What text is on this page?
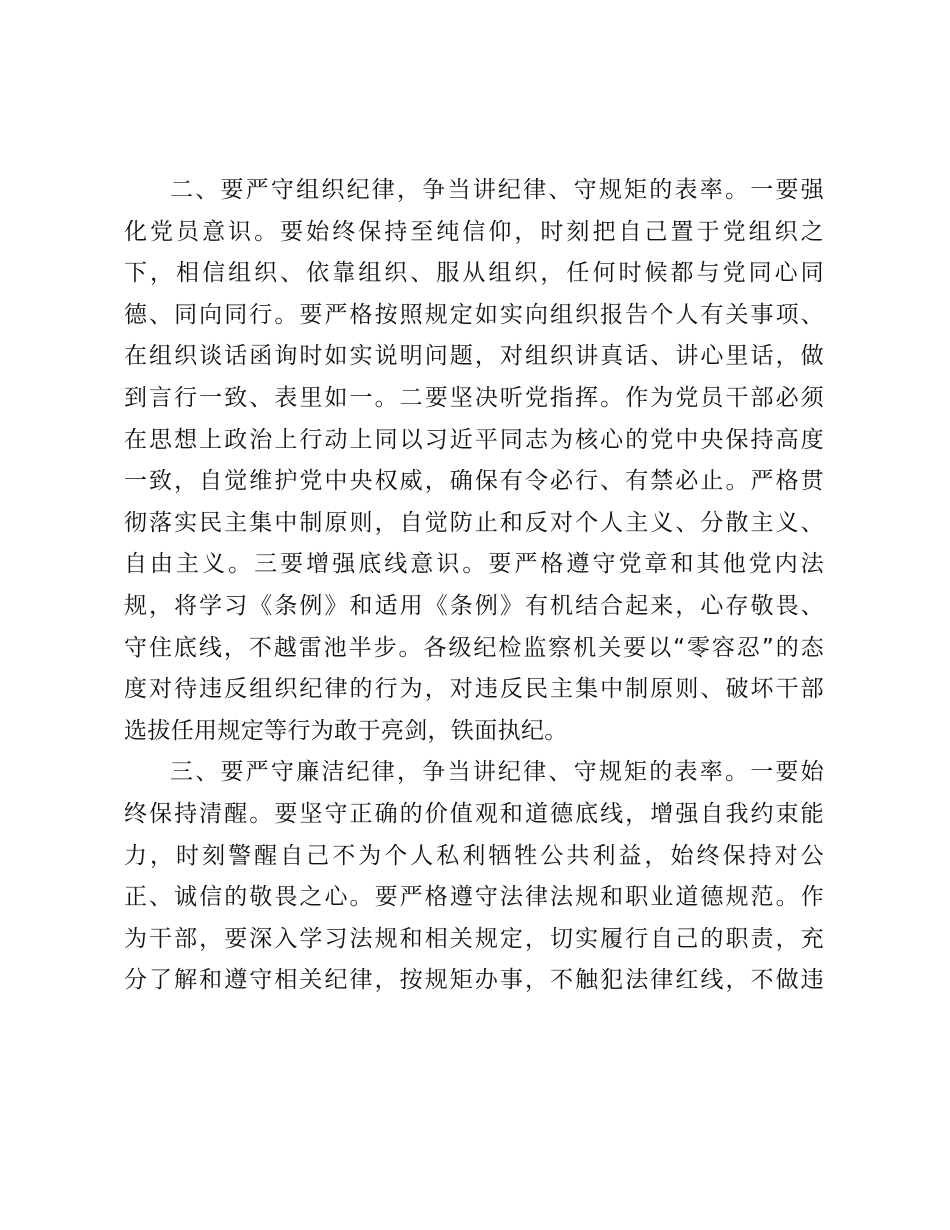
二、要严守组织纪律，争当讲纪律、守规矩的表率。一要强
化党员意识。要始终保持至纯信仰，时刻把自己置于党组织之
下，相信组织、依靠组织、服从组织，任何时候都与党同心同
德、同向同行。要严格按照规定如实向组织报告个人有关事项、
在组织谈话函询时如实说明问题，对组织讲真话、讲心里话，做
到言行一致、表里如一。二要坚决听党指挥。作为党员干部必须
在思想上政治上行动上同以习近平同志为核心的党中央保持高度
一致，自觉维护党中央权威，确保有令必行、有禁必止。严格贯
彻落实民主集中制原则，自觉防止和反对个人主义、分散主义、
自由主义。三要增强底线意识。要严格遵守党章和其他党内法
规，将学习《条例》和适用《条例》有机结合起来，心存敬畏、
守住底线，不越雷池半步。各级纪检监察机关要以“零容忍”的态
度对待违反组织纪律的行为，对违反民主集中制原则、破坏干部
选拔任用规定等行为敢于亮剑，铁面执纪。
三、要严守廉洁纪律，争当讲纪律、守规矩的表率。一要始
终保持清醒。要坚守正确的价值观和道德底线，增强自我约束能
力，时刻警醒自己不为个人私利牺牲公共利益，始终保持对公
正、诚信的敬畏之心。要严格遵守法律法规和职业道德规范。作
为干部，要深入学习法规和相关规定，切实履行自己的职责，充
分了解和遵守相关纪律，按规矩办事，不触犯法律红线，不做违
